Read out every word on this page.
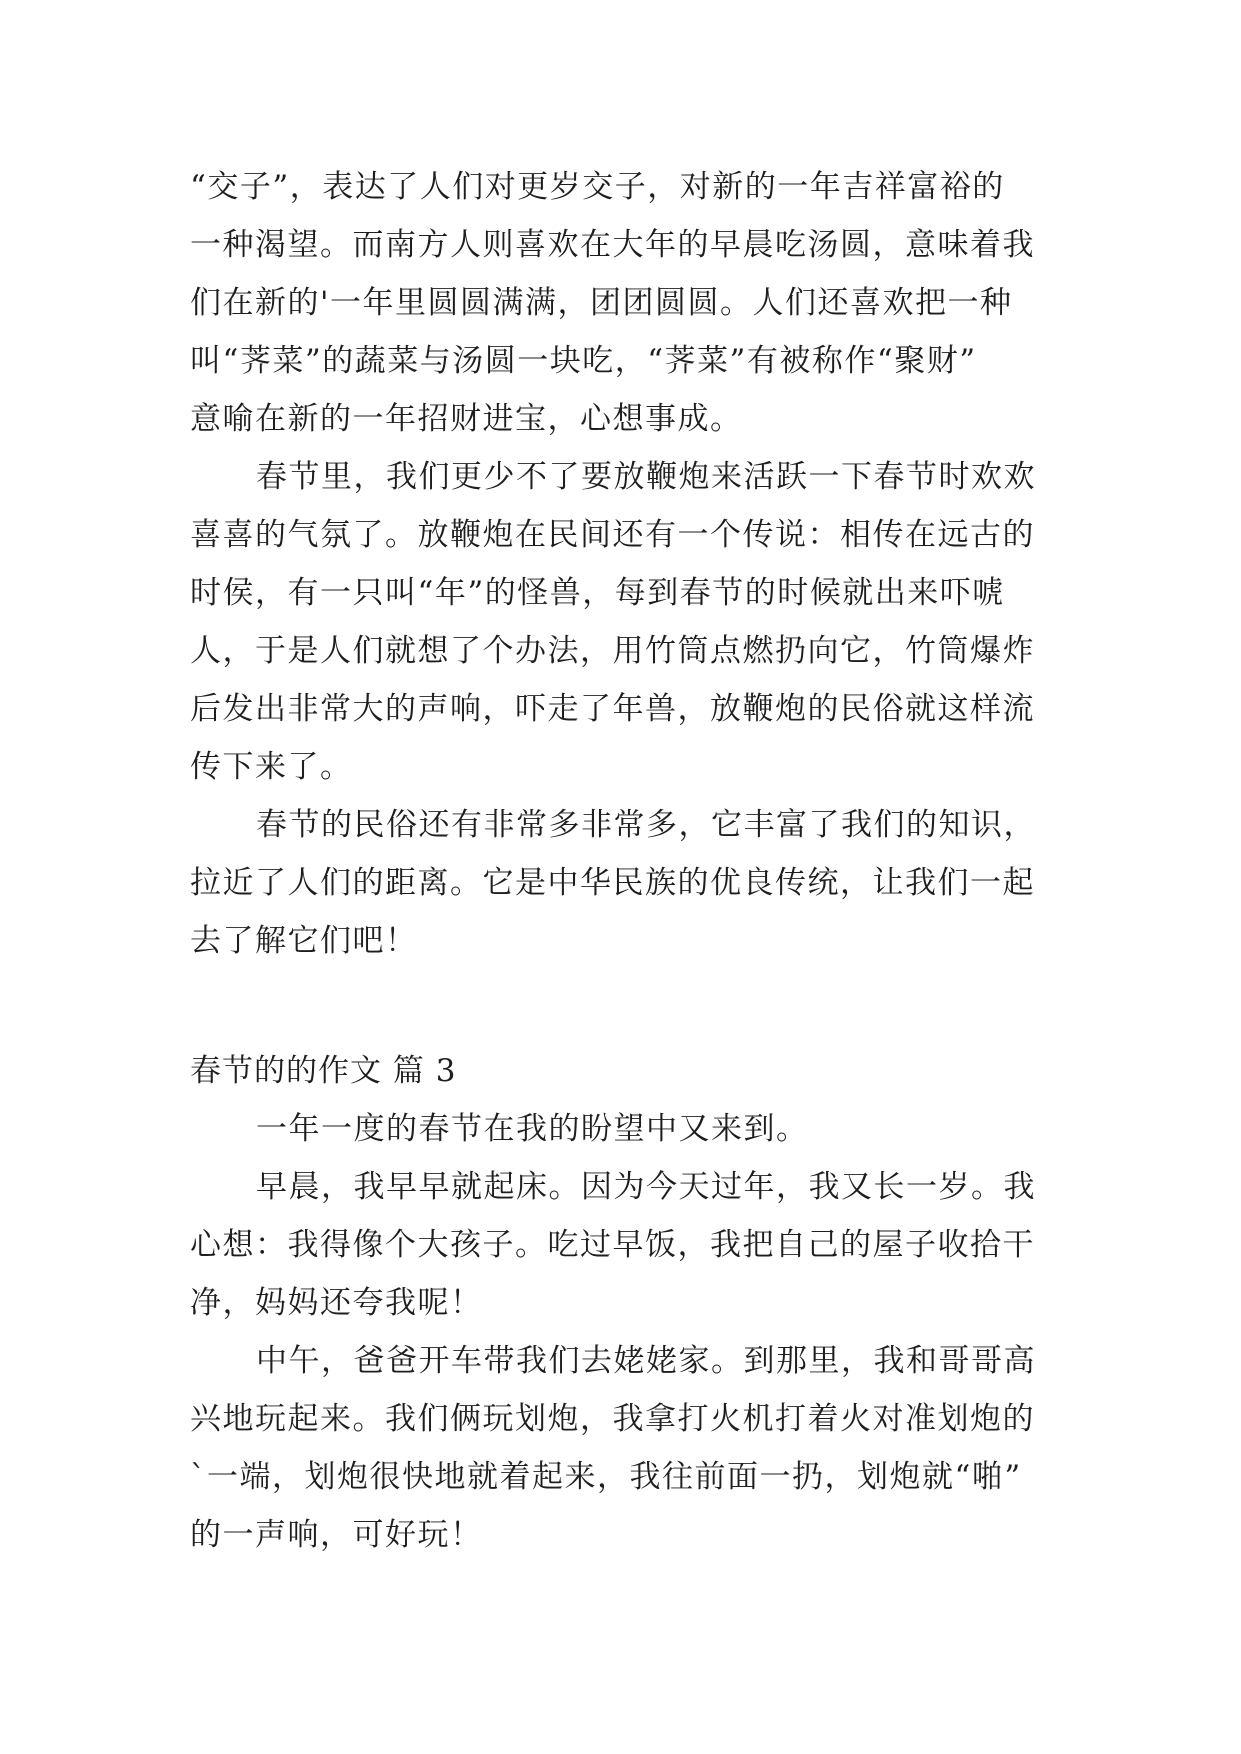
“交子”，表达了人们对更岁交子，对新的一年吉祥富裕的
一种渴望。而南方人则喜欢在大年的早晨吃汤圆，意味着我
们在新的'一年里圆圆满满，团团圆圆。人们还喜欢把一种
叫“荠菜”的蔬菜与汤圆一块吃，“荠菜”有被称作“聚财”
意喻在新的一年招财进宝，心想事成。
春节里，我们更少不了要放鞭炮来活跃一下春节时欢欢
喜喜的气氛了。放鞭炮在民间还有一个传说：相传在远古的
时侯，有一只叫“年”的怪兽，每到春节的时候就出来吓唬
人，于是人们就想了个办法，用竹筒点燃扔向它，竹筒爆炸
后发出非常大的声响，吓走了年兽，放鞭炮的民俗就这样流
传下来了。
春节的民俗还有非常多非常多，它丰富了我们的知识，
拉近了人们的距离。它是中华民族的优良传统，让我们一起
去了解它们吧！
春节的的作文 篇 3
一年一度的春节在我的盼望中又来到。
早晨，我早早就起床。因为今天过年，我又长一岁。我
心想：我得像个大孩子。吃过早饭，我把自己的屋子收拾干
净，妈妈还夸我呢！
中午，爸爸开车带我们去姥姥家。到那里，我和哥哥高
兴地玩起来。我们俩玩划炮，我拿打火机打着火对准划炮的
`一端，划炮很快地就着起来，我往前面一扔，划炮就“啪”
的一声响，可好玩！
